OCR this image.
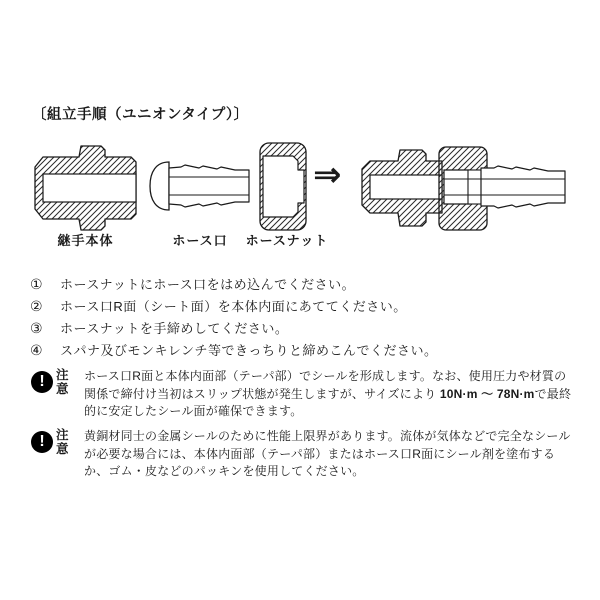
〔組立手順（ユニオンタイプ）〕
⇒
継手本体	ホース口	ホースナット
①	ホースナットにホース口をはめ込んでください。
②	ホース口R面（シート面）を本体内面にあててください。
③	ホースナットを手締めしてください。
④	スパナ及びモンキレンチ等できっちりと締めこんでください。
! 注
意
ホース口R面と本体内面部（テーパ部）でシールを形成します。なお、使用圧力や材質の関係で締付け当初はスリップ状態が発生しますが、サイズにより 10N·m ～ 78N·mで最終的に安定したシール面が確保できます。
! 注
意
黄銅材同士の金属シールのために性能上限界があります。流体が気体などで完全なシールが必要な場合には、本体内面部（テーパ部）またはホース口R面にシール剤を塗布するか、ゴム・皮などのパッキンを使用してください。
